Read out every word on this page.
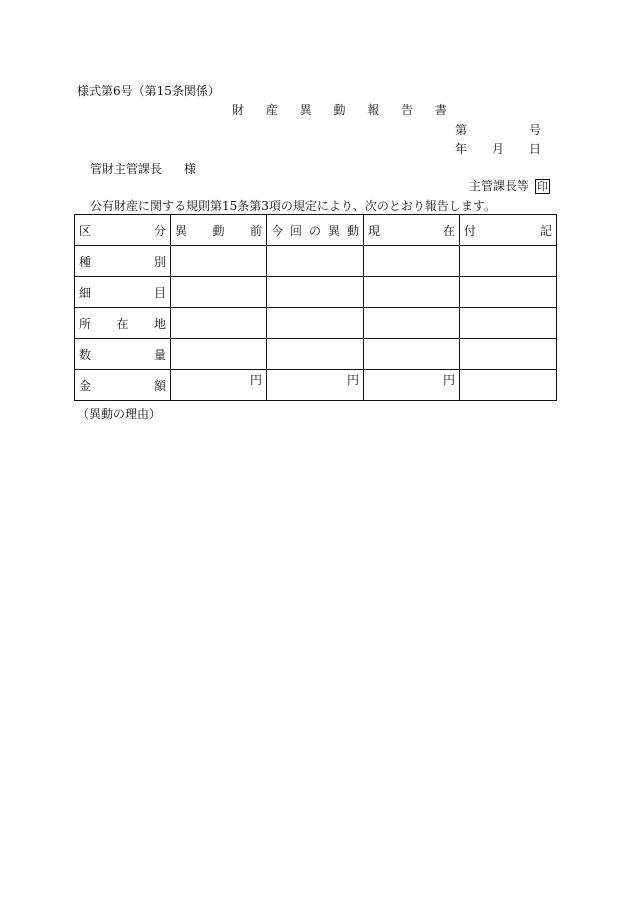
様式第6号（第15条関係）
財 産 異 動 報 告 書
第	号
年 月 日
管財主管課長 様
主管課長等 印
公有財産に関する規則第15条第3項の規定により、次のとおり報告します。
区 分	異 動 前	今 回 の 異 動	現 在	付 記

種 別				

細 目				

所 在 地				

数 量				

金 額	円	円	円	
（異動の理由）
